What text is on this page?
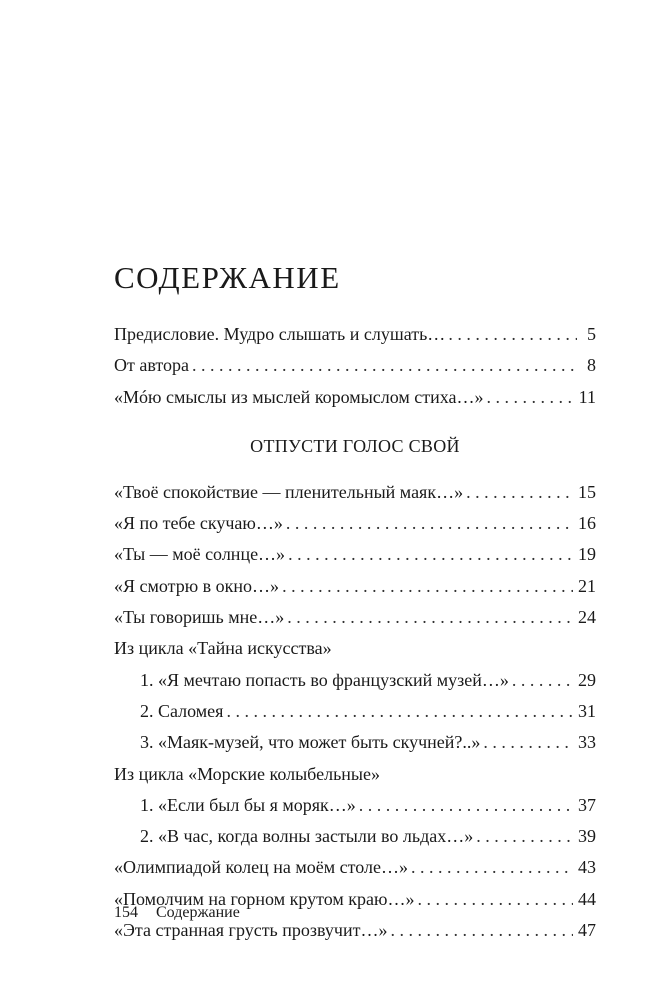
СОДЕРЖАНИЕ
Предисловие. Мудро слышать и слушать… . . .	5
От автора . . .	8
«Мóю смыслы из мыслей коромыслом стиха…» . . .	11
ОТПУСТИ ГОЛОС СВОЙ
«Твоё спокойствие — пленительный маяк…» . . .	15
«Я по тебе скучаю…» . . .	16
«Ты — моё солнце…» . . .	19
«Я смотрю в окно…» . . .	21
«Ты говоришь мне…» . . .	24
Из цикла «Тайна искусства»
1. «Я мечтаю попасть во французский музей…» . . .	29
2. Саломея . . .	31
3. «Маяк-музей, что может быть скучней?..» . . .	33
Из цикла «Морские колыбельные»
1. «Если был бы я моряк…» . . .	37
2. «В час, когда волны застыли во льдах…» . . .	39
«Олимпиадой колец на моём столе…» . . .	43
«Помолчим на горном крутом краю…» . . .	44
«Эта странная грусть прозвучит…» . . .	47
154 Содержание
